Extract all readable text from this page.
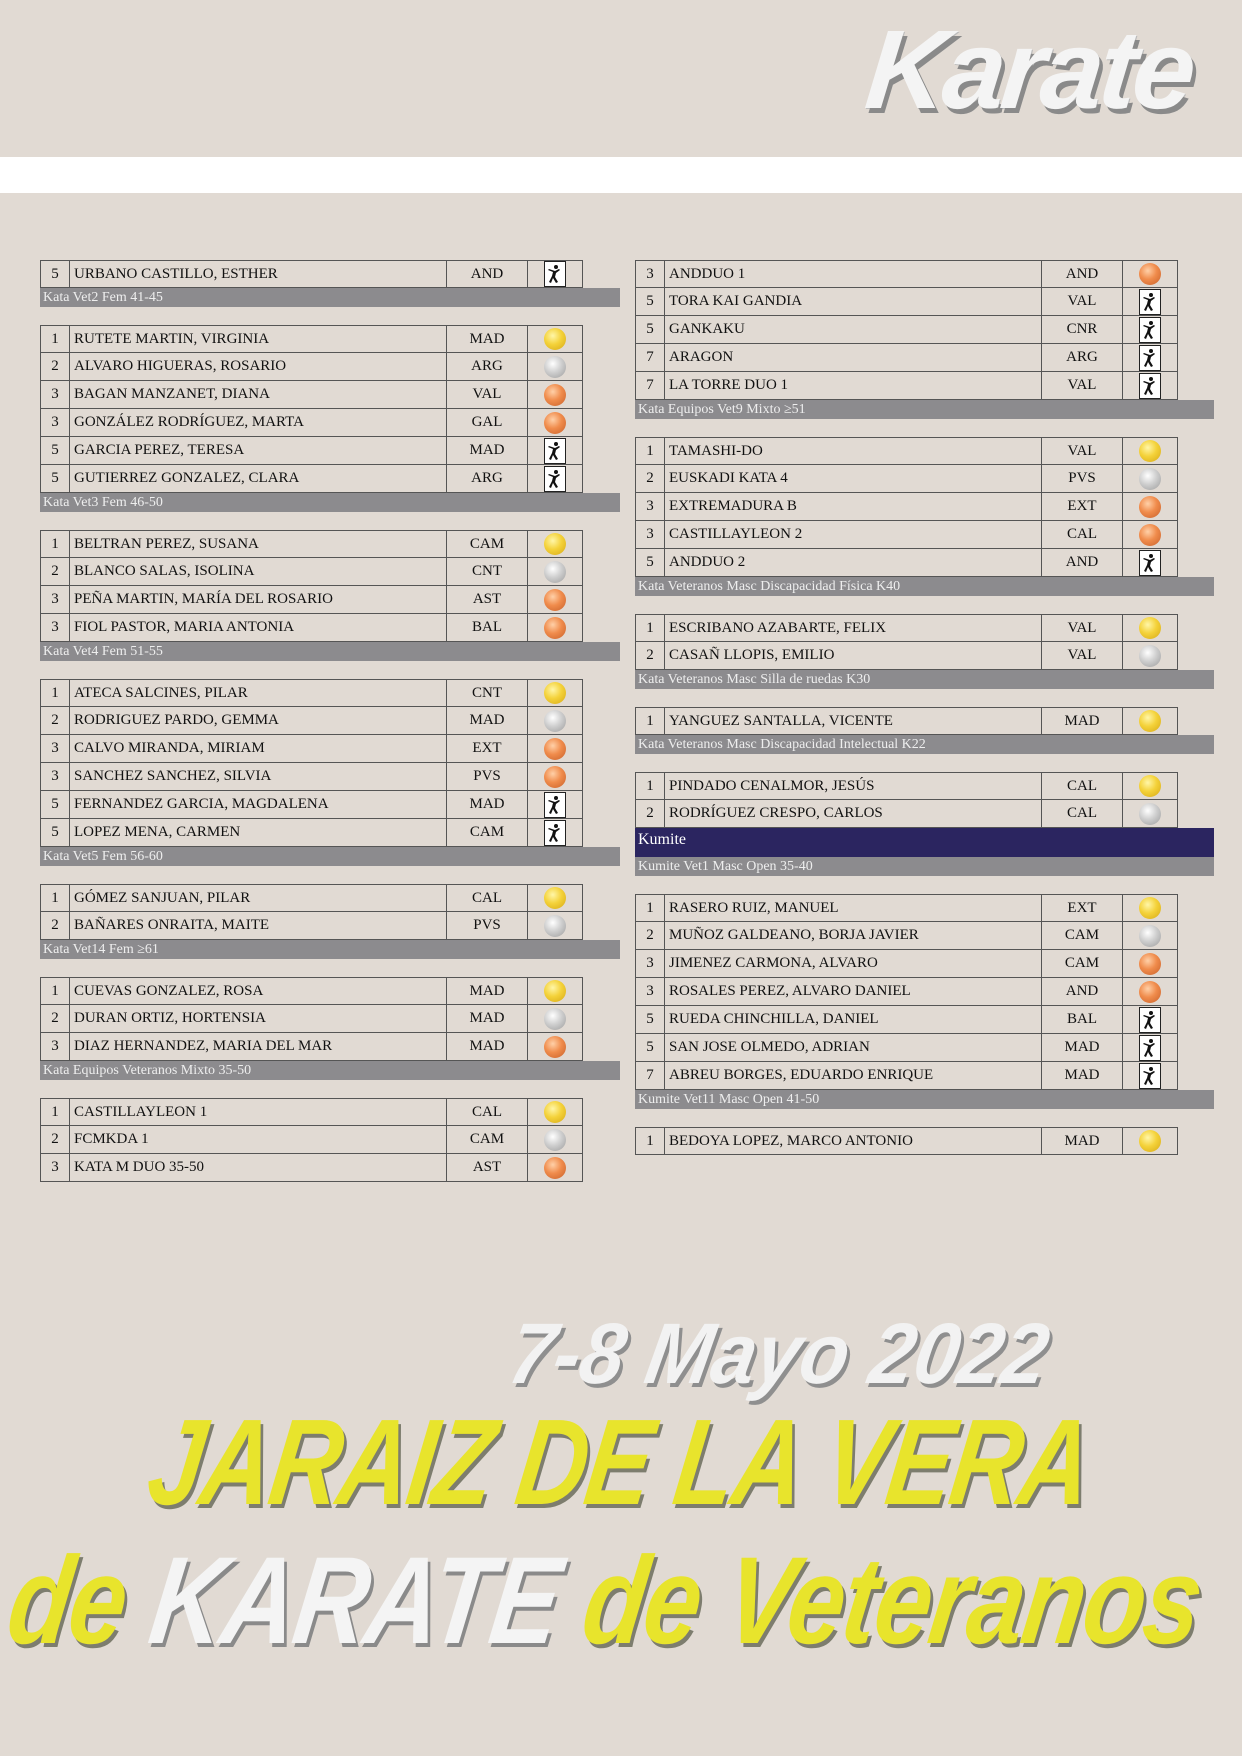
Karate
5	URBANO CASTILLO, ESTHER	AND
Kata Vet2 Fem 41-45
1	RUTETE MARTIN, VIRGINIA	MAD
2	ALVARO HIGUERAS, ROSARIO	ARG
3	BAGAN MANZANET, DIANA	VAL
3	GONZÁLEZ RODRÍGUEZ, MARTA	GAL
5	GARCIA PEREZ, TERESA	MAD
5	GUTIERREZ GONZALEZ, CLARA	ARG
Kata Vet3 Fem 46-50
1	BELTRAN PEREZ, SUSANA	CAM
2	BLANCO SALAS, ISOLINA	CNT
3	PEÑA MARTIN, MARÍA DEL ROSARIO	AST
3	FIOL PASTOR, MARIA ANTONIA	BAL
Kata Vet4 Fem 51-55
1	ATECA SALCINES, PILAR	CNT
2	RODRIGUEZ PARDO, GEMMA	MAD
3	CALVO MIRANDA, MIRIAM	EXT
3	SANCHEZ SANCHEZ, SILVIA	PVS
5	FERNANDEZ GARCIA, MAGDALENA	MAD
5	LOPEZ MENA, CARMEN	CAM
Kata Vet5 Fem 56-60
1	GÓMEZ SANJUAN, PILAR	CAL
2	BAÑARES ONRAITA, MAITE	PVS
Kata Vet14 Fem ≥61
1	CUEVAS GONZALEZ, ROSA	MAD
2	DURAN ORTIZ, HORTENSIA	MAD
3	DIAZ HERNANDEZ, MARIA DEL MAR	MAD
Kata Equipos Veteranos Mixto 35-50
1	CASTILLAYLEON 1	CAL
2	FCMKDA 1	CAM
3	KATA M DUO 35-50	AST
3	ANDDUO 1	AND
5	TORA KAI GANDIA	VAL
5	GANKAKU	CNR
7	ARAGON	ARG
7	LA TORRE DUO 1	VAL
Kata Equipos Vet9 Mixto ≥51
1	TAMASHI-DO	VAL
2	EUSKADI KATA 4	PVS
3	EXTREMADURA B	EXT
3	CASTILLAYLEON 2	CAL
5	ANDDUO 2	AND
Kata Veteranos Masc Discapacidad Física K40
1	ESCRIBANO AZABARTE, FELIX	VAL
2	CASAÑ LLOPIS, EMILIO	VAL
Kata Veteranos Masc Silla de ruedas K30
1	YANGUEZ SANTALLA, VICENTE	MAD
Kata Veteranos Masc Discapacidad Intelectual K22
1	PINDADO CENALMOR, JESÚS	CAL
2	RODRÍGUEZ CRESPO, CARLOS	CAL
Kumite
Kumite Vet1 Masc Open 35-40
1	RASERO RUIZ, MANUEL	EXT
2	MUÑOZ GALDEANO, BORJA JAVIER	CAM
3	JIMENEZ CARMONA, ALVARO	CAM
3	ROSALES PEREZ, ALVARO DANIEL	AND
5	RUEDA CHINCHILLA, DANIEL	BAL
5	SAN JOSE OLMEDO, ADRIAN	MAD
7	ABREU BORGES, EDUARDO ENRIQUE	MAD
Kumite Vet11 Masc Open 41-50
1	BEDOYA LOPEZ, MARCO ANTONIO	MAD
7-8 Mayo 2022
JARAIZ DE LA VERA
de KARATE de Veteranos
